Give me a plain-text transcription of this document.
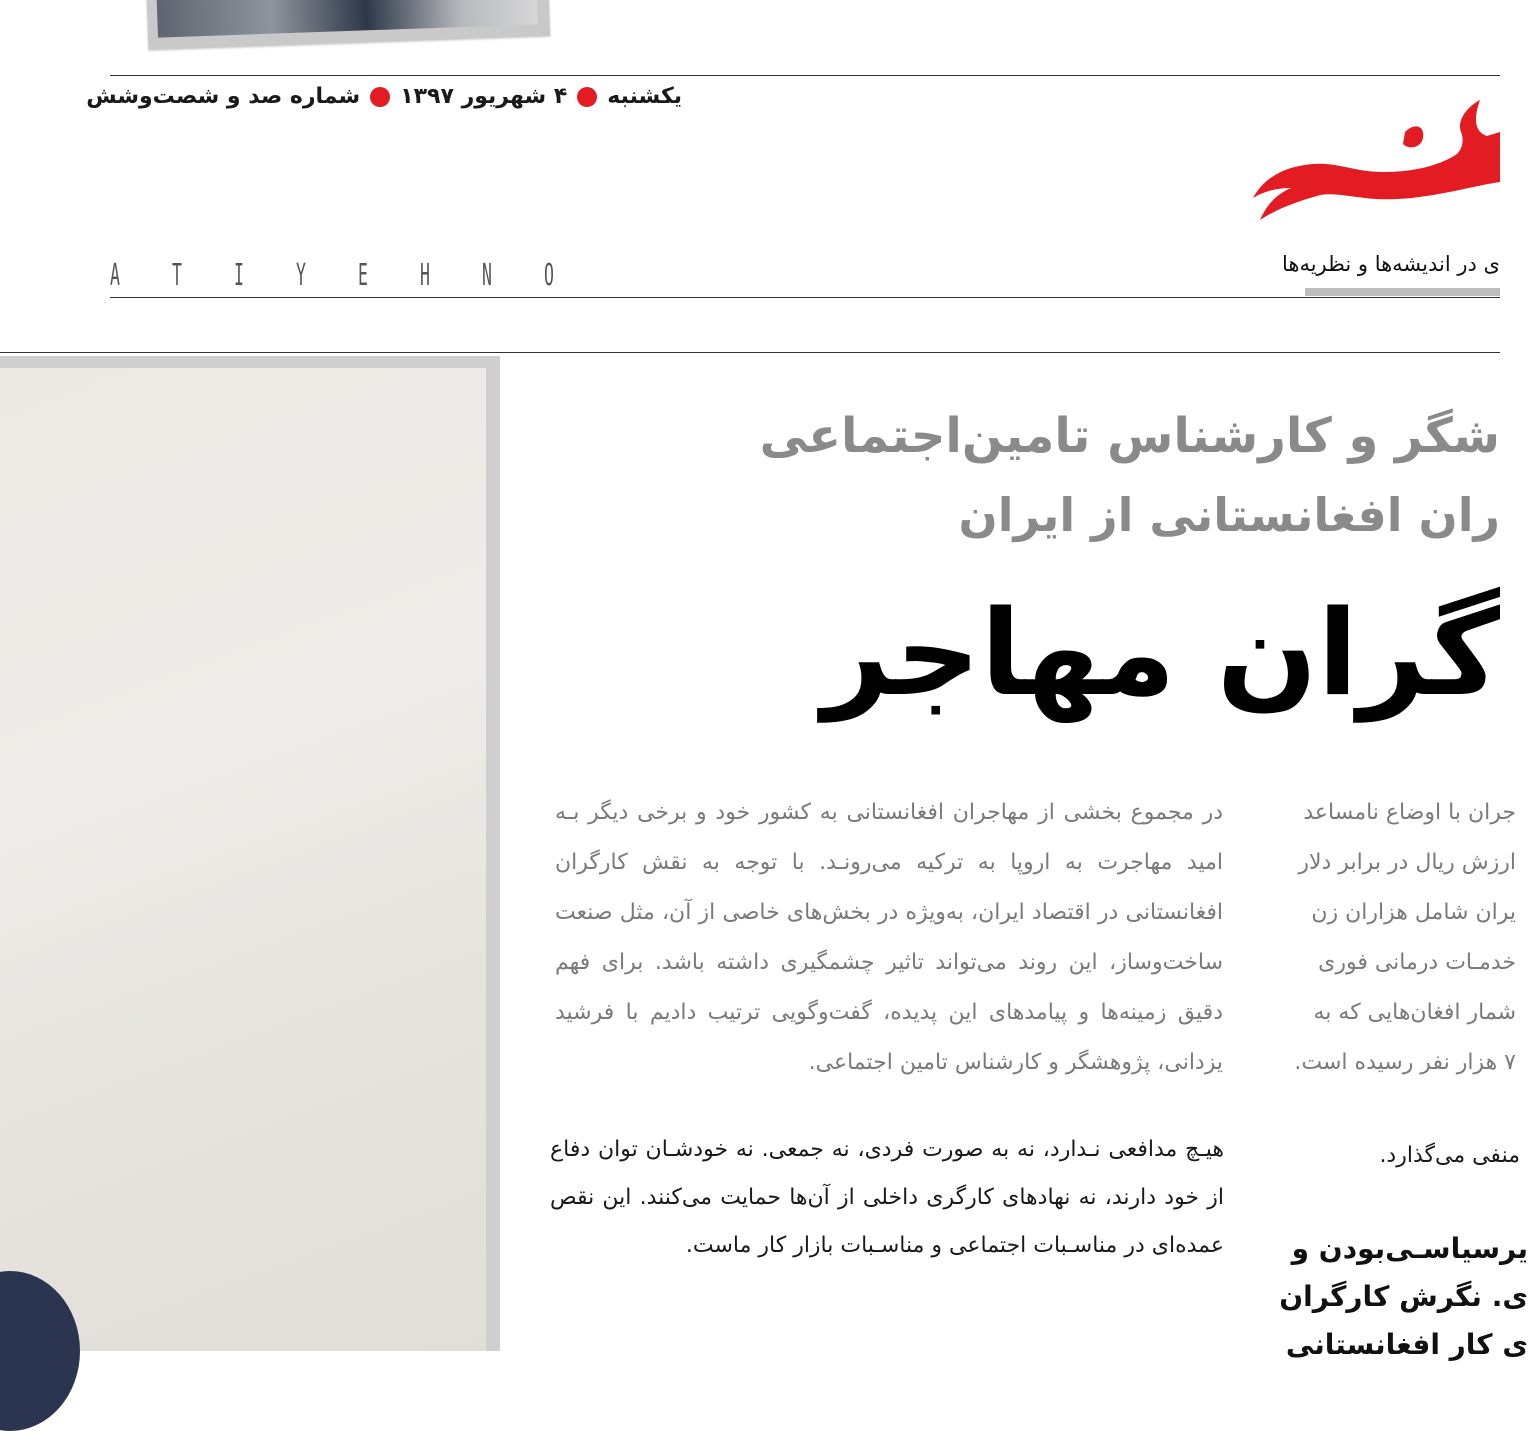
یکشنبه
۴ شهریور ۱۳۹۷
شماره صد و شصت‌وشش
ی در اندیشه‌ها و نظریه‌ها
A	T	I	Y	E	H	N	O
شگر و کارشناس تامین‌اجتماعی
ران افغانستانی از ایران
گران مهاجر
در مجموع بخشی از مهاجران افغانستانی به کشور خود و برخی دیگر بـه امید مهاجرت به اروپا به ترکیه می‌رونـد. با توجه به نقش کارگران افغانستانی در اقتصاد ایران، به‌ویژه در بخش‌های خاصی از آن، مثل صنعت ساخت‌وساز، این روند می‌تواند تاثیر چشمگیری داشته باشد. برای فهم دقیق زمینه‌ها و پیامدهای این پدیده، گفت‌وگویی ترتیب دادیم با فرشید یزدانی، پژوهشگر و کارشناس تامین اجتماعی.
جران با اوضاع نامساعد
ارزش ریال در برابر دلار
یران شامل هزاران زن
خدمـات درمانی فوری
شمار افغان‌هایی که به
۷ هزار نفر رسیده است.
هیـچ مدافعی نـدارد، نه به صورت فردی، نه جمعی. نه خودشـان توان دفاع از خود دارند، نه نهادهای کارگری داخلی از آن‌ها حمایت می‌کنند. این نقص عمده‌ای در مناسـبات اجتماعی و مناسـبات بازار کار ماست.
منفی می‌گذارد.
یرسیاسـی‌بودن و
ی. نگرش کارگران
ی کار افغانستانی
